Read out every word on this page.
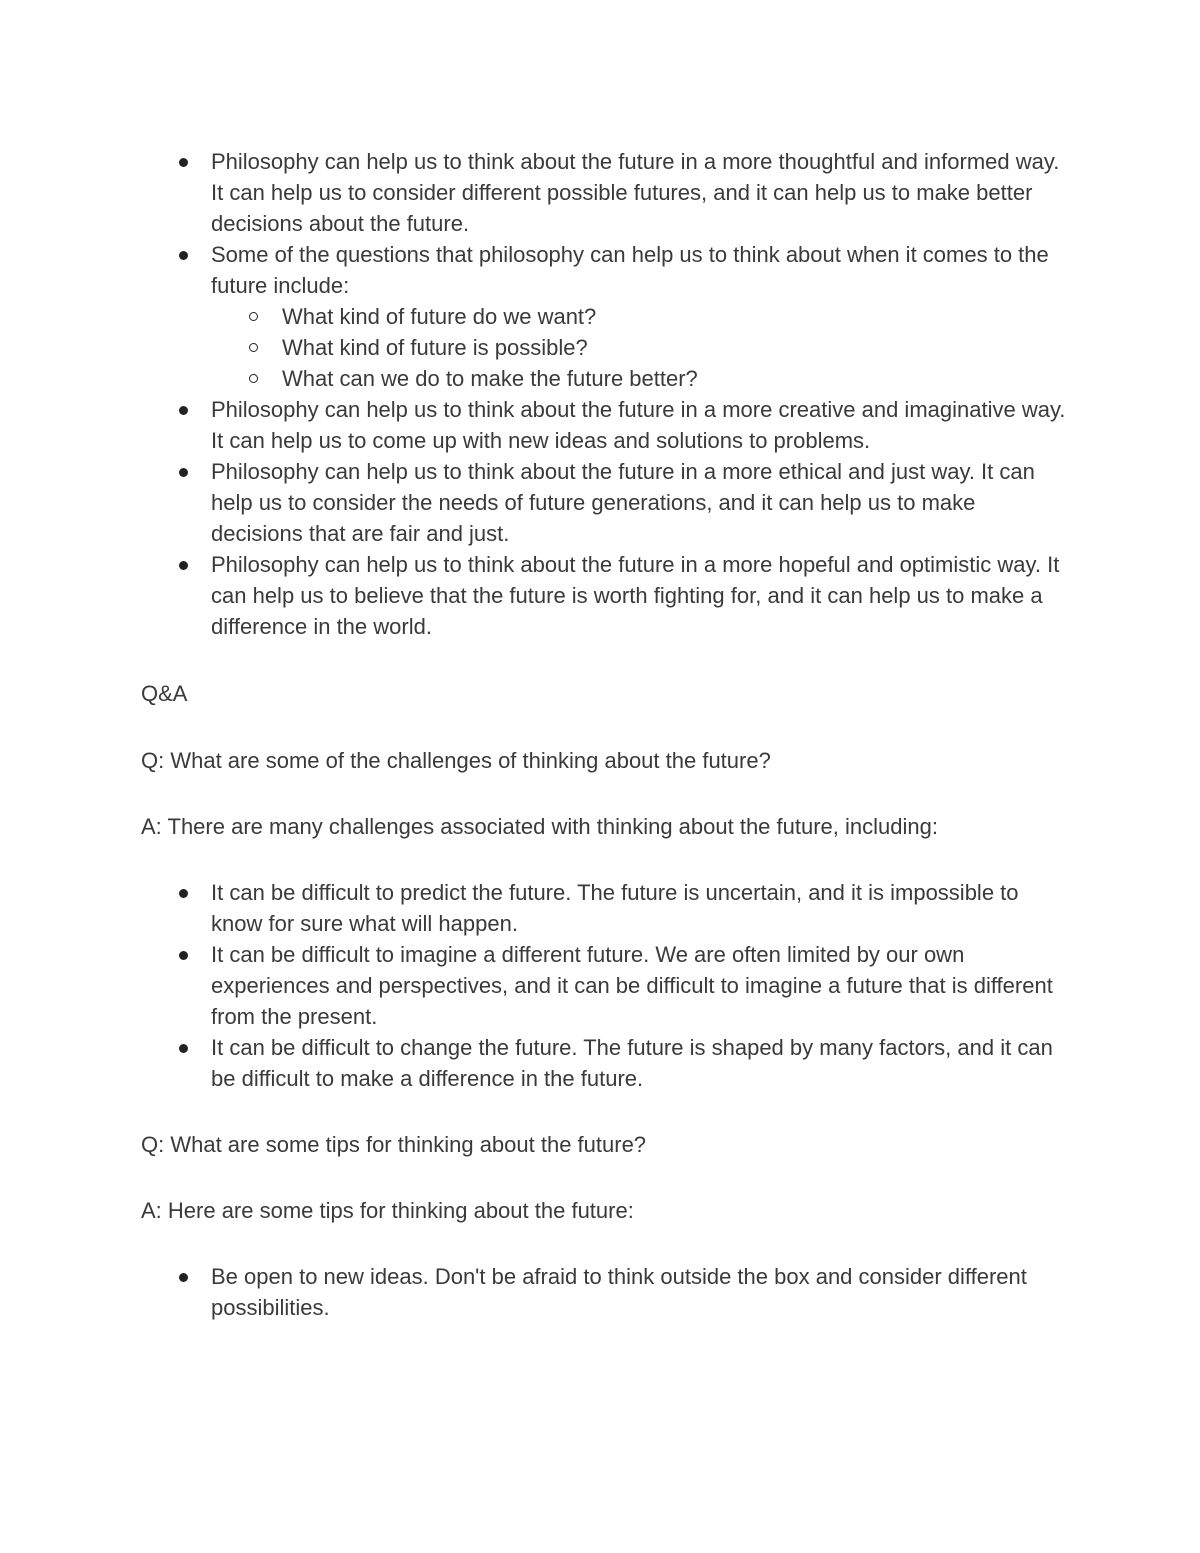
Philosophy can help us to think about the future in a more thoughtful and informed way. It can help us to consider different possible futures, and it can help us to make better decisions about the future.
Some of the questions that philosophy can help us to think about when it comes to the future include:
What kind of future do we want?
What kind of future is possible?
What can we do to make the future better?
Philosophy can help us to think about the future in a more creative and imaginative way. It can help us to come up with new ideas and solutions to problems.
Philosophy can help us to think about the future in a more ethical and just way. It can help us to consider the needs of future generations, and it can help us to make decisions that are fair and just.
Philosophy can help us to think about the future in a more hopeful and optimistic way. It can help us to believe that the future is worth fighting for, and it can help us to make a difference in the world.

Q&A

Q: What are some of the challenges of thinking about the future?

A: There are many challenges associated with thinking about the future, including:

It can be difficult to predict the future. The future is uncertain, and it is impossible to know for sure what will happen.
It can be difficult to imagine a different future. We are often limited by our own experiences and perspectives, and it can be difficult to imagine a future that is different from the present.
It can be difficult to change the future. The future is shaped by many factors, and it can be difficult to make a difference in the future.

Q: What are some tips for thinking about the future?

A: Here are some tips for thinking about the future:

Be open to new ideas. Don't be afraid to think outside the box and consider different possibilities.
